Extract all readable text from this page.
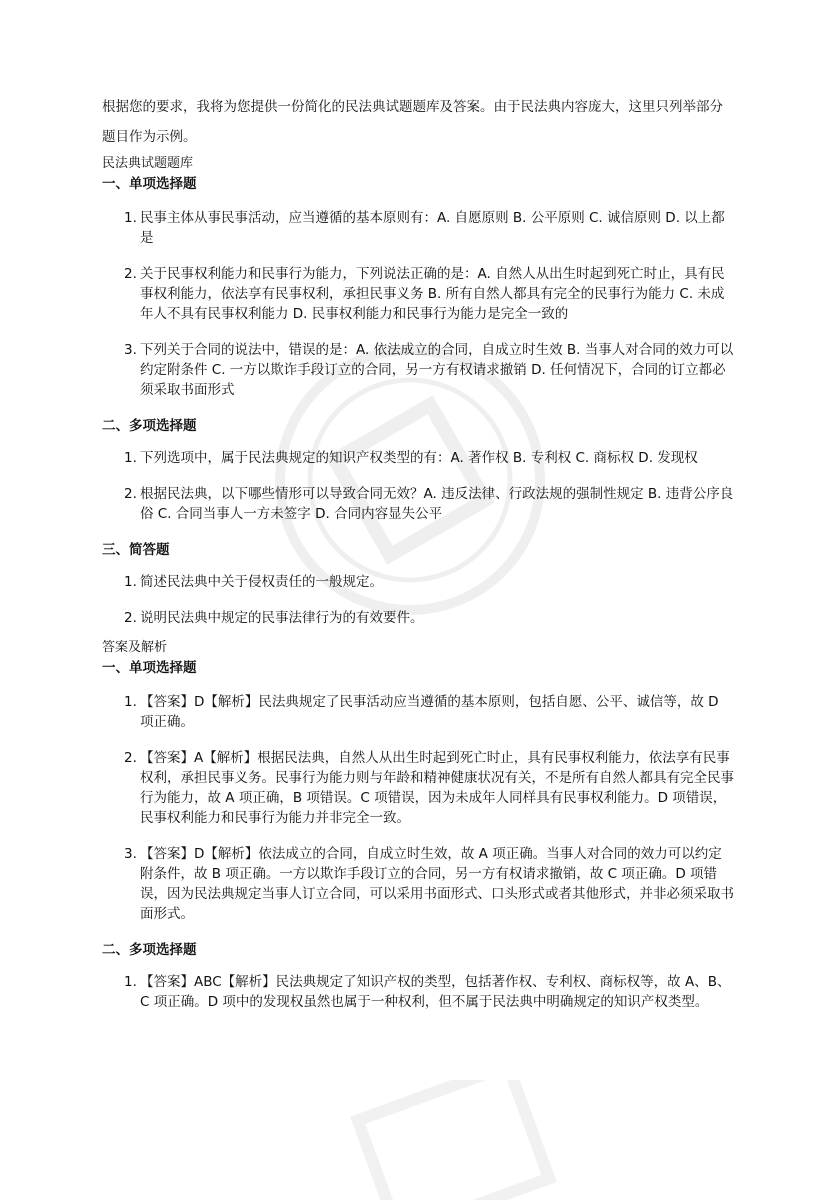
根据您的要求，我将为您提供一份简化的民法典试题题库及答案。由于民法典内容庞大，这里只列举部分题目作为示例。

民法典试题题库

一、单项选择题

1. 民事主体从事民事活动，应当遵循的基本原则有：A. 自愿原则 B. 公平原则 C. 诚信原则 D. 以上都是
2. 关于民事权利能力和民事行为能力，下列说法正确的是：A. 自然人从出生时起到死亡时止，具有民事权利能力，依法享有民事权利，承担民事义务 B. 所有自然人都具有完全的民事行为能力 C. 未成年人不具有民事权利能力 D. 民事权利能力和民事行为能力是完全一致的
3. 下列关于合同的说法中，错误的是：A. 依法成立的合同，自成立时生效 B. 当事人对合同的效力可以约定附条件 C. 一方以欺诈手段订立的合同，另一方有权请求撤销 D. 任何情况下，合同的订立都必须采取书面形式

二、多项选择题

1. 下列选项中，属于民法典规定的知识产权类型的有：A. 著作权 B. 专利权 C. 商标权 D. 发现权
2. 根据民法典，以下哪些情形可以导致合同无效？A. 违反法律、行政法规的强制性规定 B. 违背公序良俗 C. 合同当事人一方未签字 D. 合同内容显失公平

三、简答题

1. 简述民法典中关于侵权责任的一般规定。
2. 说明民法典中规定的民事法律行为的有效要件。

答案及解析

一、单项选择题

1. 【答案】D【解析】民法典规定了民事活动应当遵循的基本原则，包括自愿、公平、诚信等，故 D 项正确。
2. 【答案】A【解析】根据民法典，自然人从出生时起到死亡时止，具有民事权利能力，依法享有民事权利，承担民事义务。民事行为能力则与年龄和精神健康状况有关，不是所有自然人都具有完全民事行为能力，故 A 项正确，B 项错误。C 项错误，因为未成年人同样具有民事权利能力。D 项错误，民事权利能力和民事行为能力并非完全一致。
3. 【答案】D【解析】依法成立的合同，自成立时生效，故 A 项正确。当事人对合同的效力可以约定附条件，故 B 项正确。一方以欺诈手段订立的合同，另一方有权请求撤销，故 C 项正确。D 项错误，因为民法典规定当事人订立合同，可以采用书面形式、口头形式或者其他形式，并非必须采取书面形式。

二、多项选择题

1. 【答案】ABC【解析】民法典规定了知识产权的类型，包括著作权、专利权、商标权等，故 A、B、C 项正确。D 项中的发现权虽然也属于一种权利，但不属于民法典中明确规定的知识产权类型。
